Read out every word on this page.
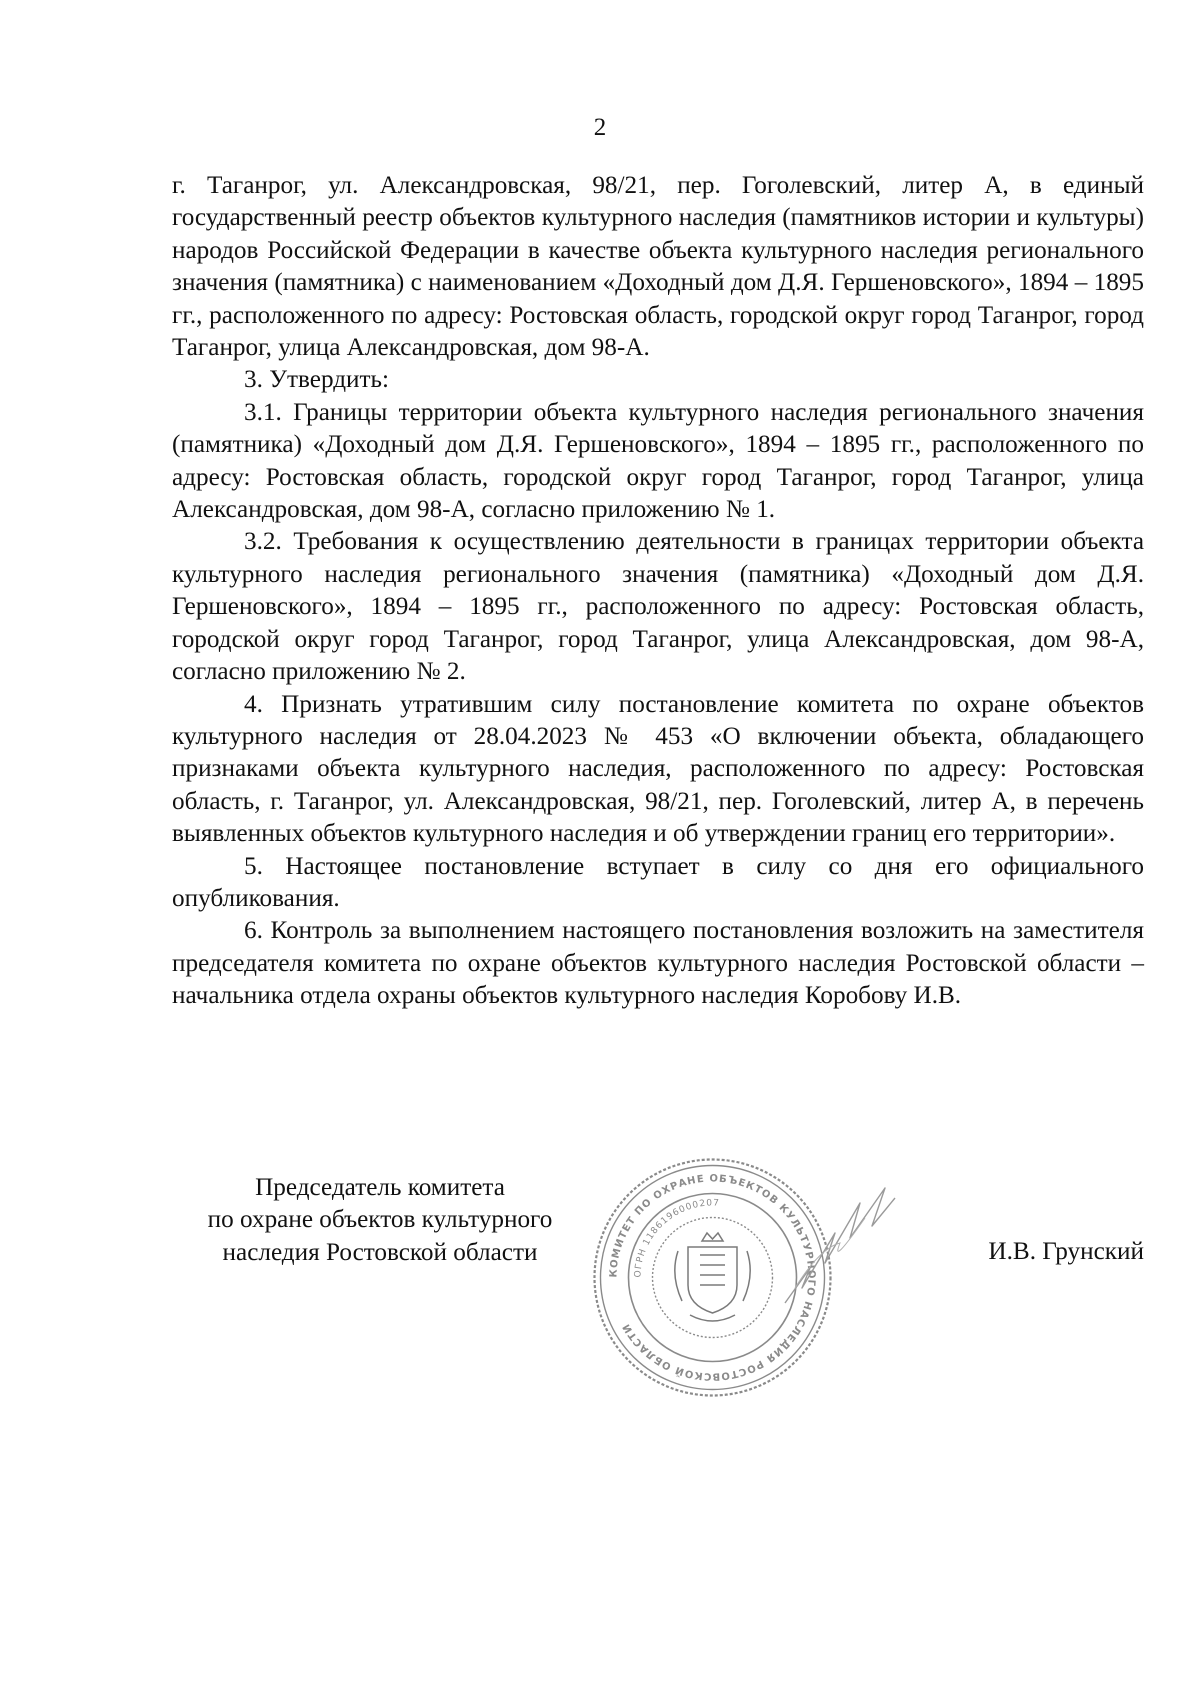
2

г. Таганрог, ул. Александровская, 98/21, пер. Гоголевский, литер А, в единый государственный реестр объектов культурного наследия (памятников истории и культуры) народов Российской Федерации в качестве объекта культурного наследия регионального значения (памятника) с наименованием «Доходный дом Д.Я. Гершеновского», 1894 – 1895 гг., расположенного по адресу: Ростовская область, городской округ город Таганрог, город Таганрог, улица Александровская, дом 98-А.

3. Утвердить:

3.1. Границы территории объекта культурного наследия регионального значения (памятника) «Доходный дом Д.Я. Гершеновского», 1894 – 1895 гг., расположенного по адресу: Ростовская область, городской округ город Таганрог, город Таганрог, улица Александровская, дом 98-А, согласно приложению № 1.

3.2. Требования к осуществлению деятельности в границах территории объекта культурного наследия регионального значения (памятника) «Доходный дом Д.Я. Гершеновского», 1894 – 1895 гг., расположенного по адресу: Ростовская область, городской округ город Таганрог, город Таганрог, улица Александровская, дом 98-А, согласно приложению № 2.

4. Признать утратившим силу постановление комитета по охране объектов культурного наследия от 28.04.2023 № 453 «О включении объекта, обладающего признаками объекта культурного наследия, расположенного по адресу: Ростовская область, г. Таганрог, ул. Александровская, 98/21, пер. Гоголевский, литер А, в перечень выявленных объектов культурного наследия и об утверждении границ его территории».

5. Настоящее постановление вступает в силу со дня его официального опубликования.

6. Контроль за выполнением настоящего постановления возложить на заместителя председателя комитета по охране объектов культурного наследия Ростовской области – начальника отдела охраны объектов культурного наследия Коробову И.В.

Председатель комитета
по охране объектов культурного
наследия Ростовской области
КОМИТЕТ ПО ОХРАНЕ ОБЪЕКТОВ КУЛЬТУРНОГО НАСЛЕДИЯ РОСТОВСКОЙ ОБЛАСТИ
ОГРН 1186196000207
И.В. Грунский
